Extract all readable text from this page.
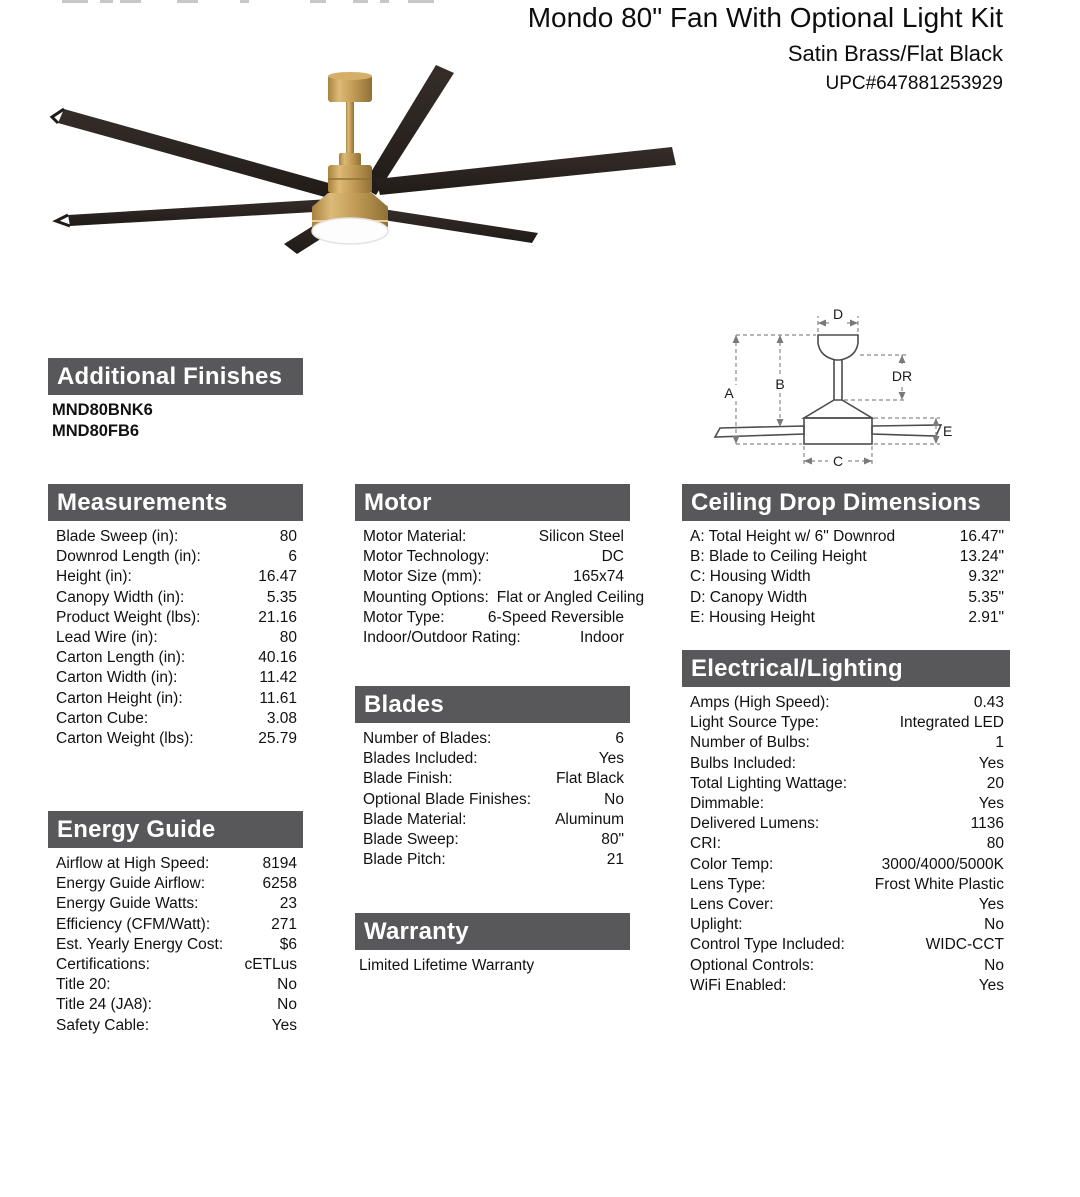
Mondo 80" Fan With Optional Light Kit
Satin Brass/Flat Black
UPC#647881253929
D
A
B	DR
E
C
Additional Finishes
MND80BNK6
MND80FB6
Measurements
Blade Sweep (in):	80
Downrod Length (in):	6
Height (in):	16.47
Canopy Width (in):	5.35
Product Weight (lbs):	21.16
Lead Wire (in):	80
Carton Length (in):	40.16
Carton Width (in):	11.42
Carton Height (in):	11.61
Carton Cube:	3.08
Carton Weight (lbs):	25.79
Energy Guide
Airflow at High Speed:	8194
Energy Guide Airflow:	6258
Energy Guide Watts:	23
Efficiency (CFM/Watt):	271
Est. Yearly Energy Cost:	$6
Certifications:	cETLus
Title 20:	No
Title 24 (JA8):	No
Safety Cable:	Yes
Motor
Motor Material:	Silicon Steel
Motor Technology:	DC
Motor Size (mm):	165x74
Mounting Options: Flat or Angled Ceiling
Motor Type:	6-Speed Reversible
Indoor/Outdoor Rating:	Indoor
Blades
Number of Blades:	6
Blades Included:	Yes
Blade Finish:	Flat Black
Optional Blade Finishes:	No
Blade Material:	Aluminum
Blade Sweep:	80"
Blade Pitch:	21
Warranty
Limited Lifetime Warranty
Ceiling Drop Dimensions
A: Total Height w/ 6" Downrod	16.47"
B: Blade to Ceiling Height	13.24"
C: Housing Width	9.32"
D: Canopy Width	5.35"
E: Housing Height	2.91"
Electrical/Lighting
Amps (High Speed):	0.43
Light Source Type:	Integrated LED
Number of Bulbs:	1
Bulbs Included:	Yes
Total Lighting Wattage:	20
Dimmable:	Yes
Delivered Lumens:	1136
CRI:	80
Color Temp:	3000/4000/5000K
Lens Type:	Frost White Plastic
Lens Cover:	Yes
Uplight:	No
Control Type Included:	WIDC-CCT
Optional Controls:	No
WiFi Enabled:	Yes
